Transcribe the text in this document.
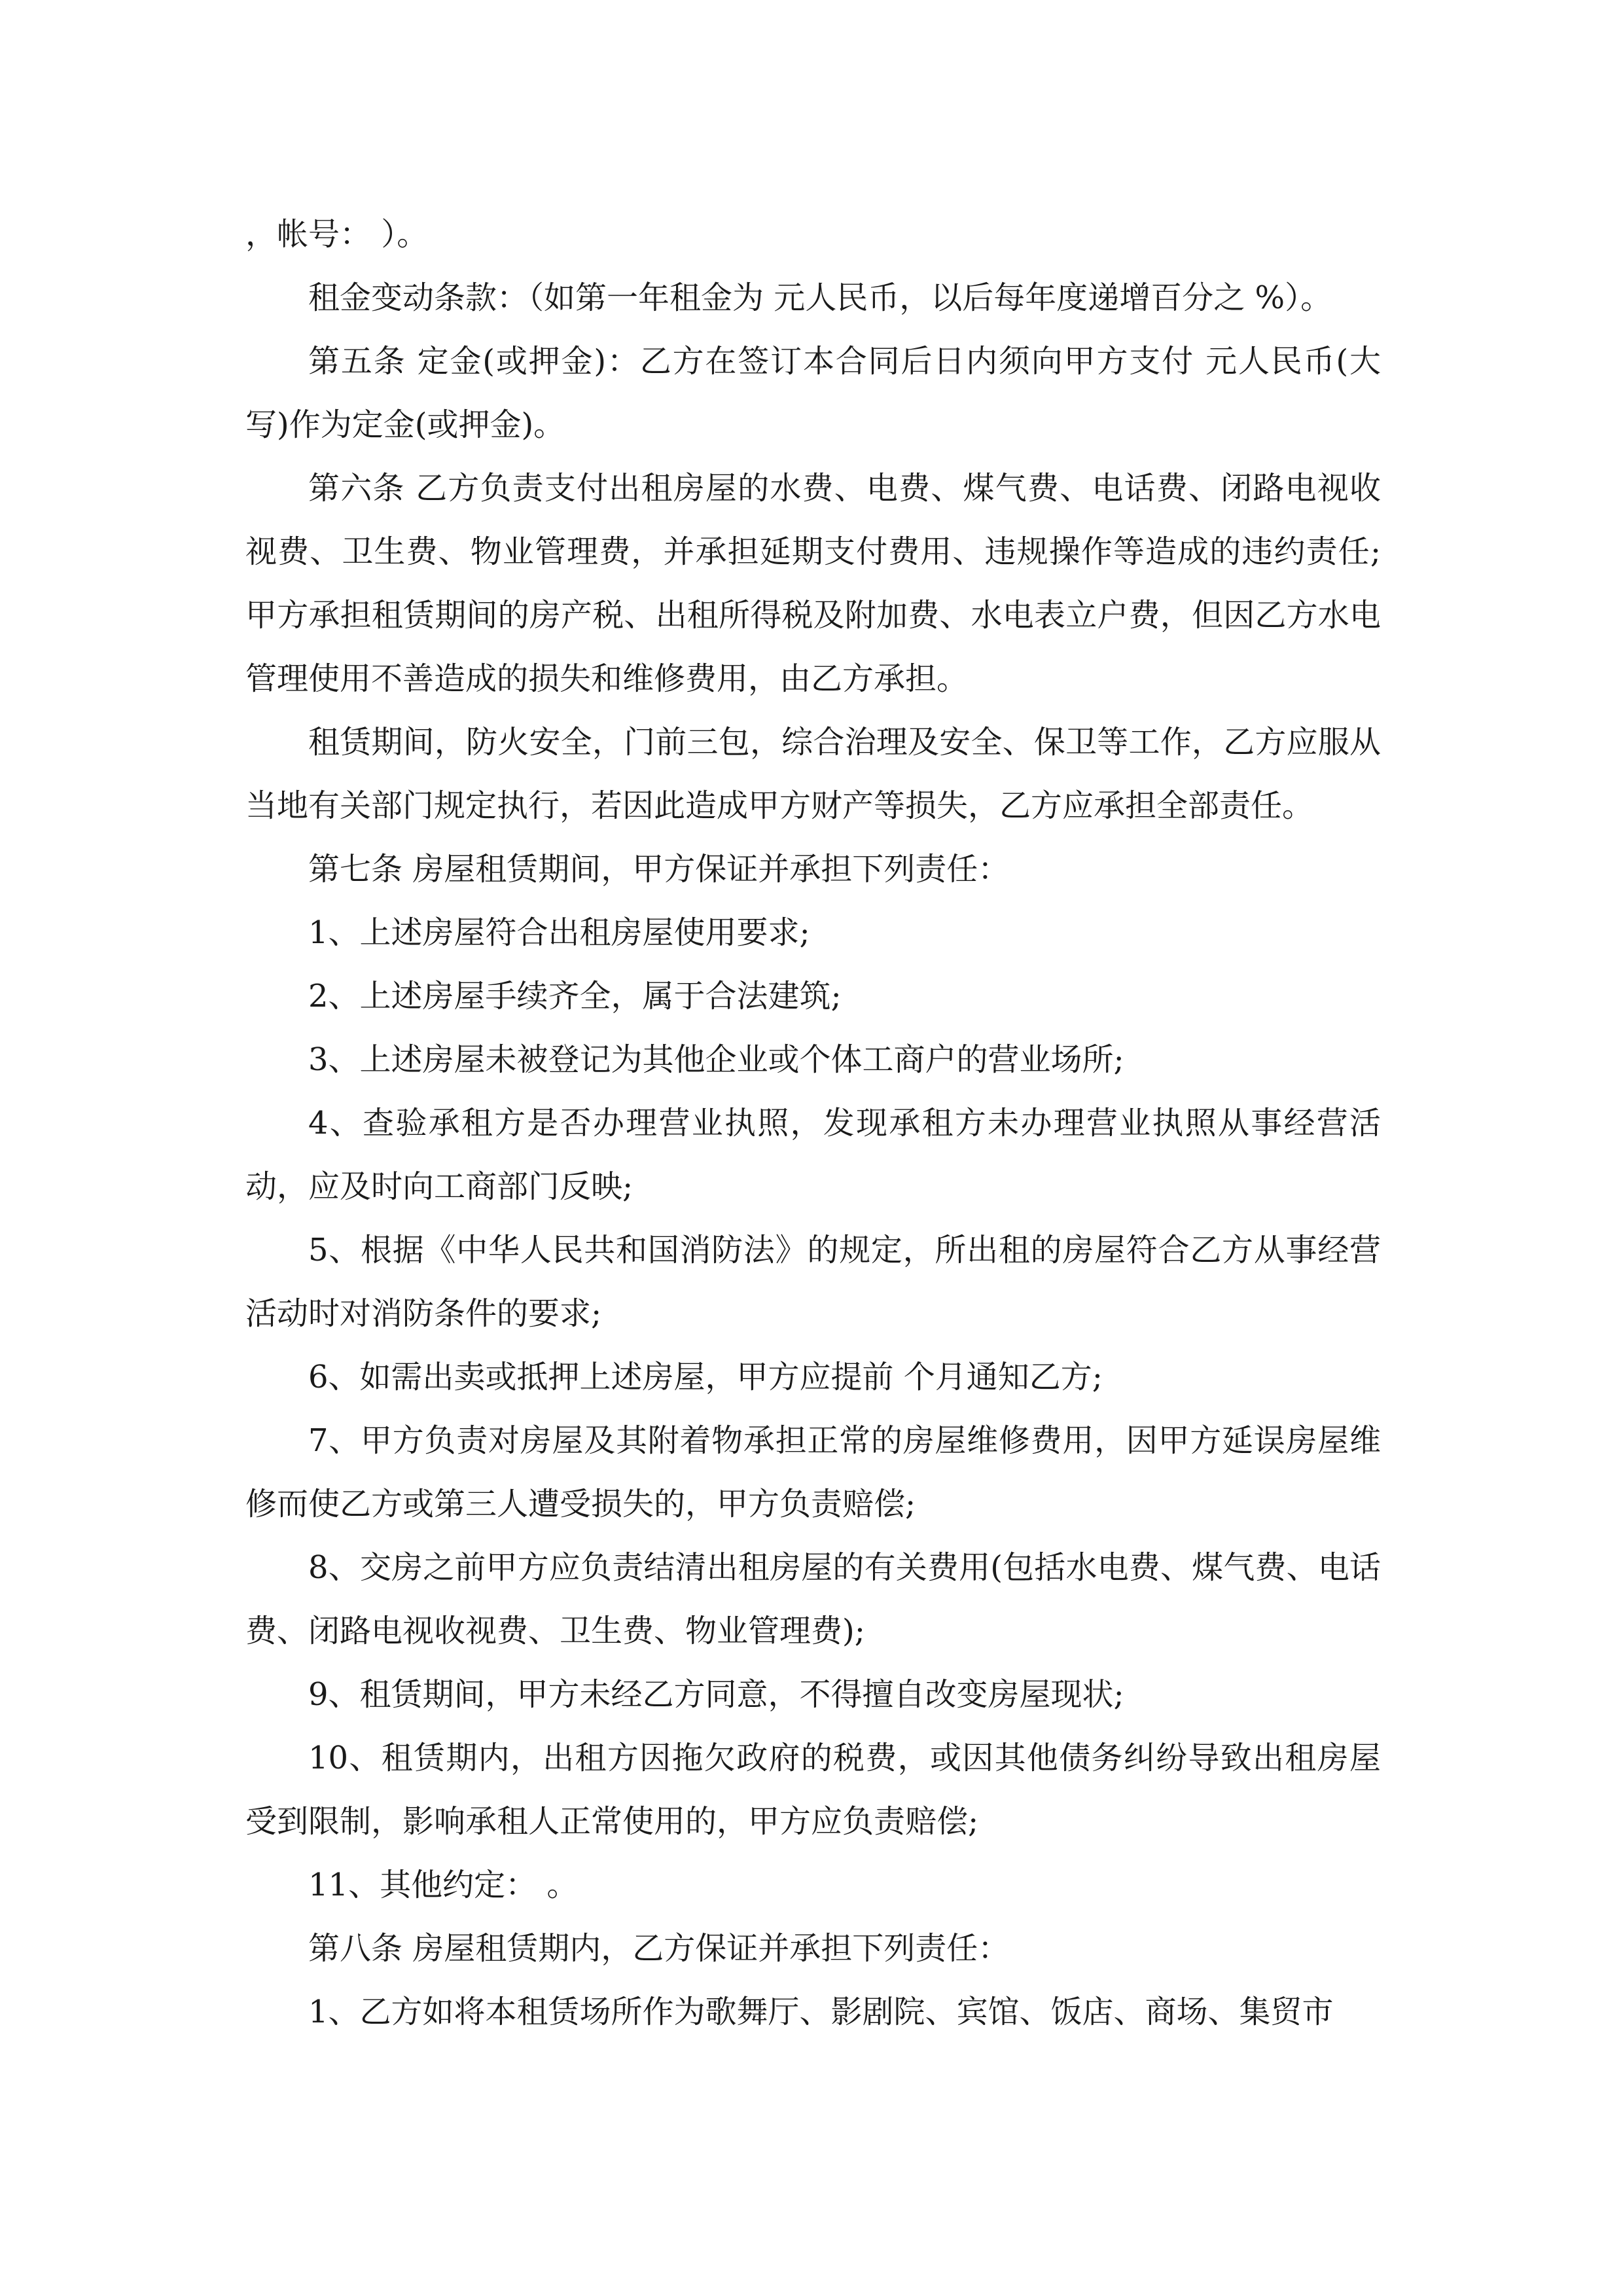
，帐号： ）。

租金变动条款：（如第一年租金为 元人民币，以后每年度递增百分之 %）。

第五条 定金(或押金)：乙方在签订本合同后日内须向甲方支付 元人民币(大写)作为定金(或押金)。

第六条 乙方负责支付出租房屋的水费、电费、煤气费、电话费、闭路电视收视费、卫生费、物业管理费，并承担延期支付费用、违规操作等造成的违约责任;甲方承担租赁期间的房产税、出租所得税及附加费、水电表立户费，但因乙方水电管理使用不善造成的损失和维修费用，由乙方承担。

租赁期间，防火安全，门前三包，综合治理及安全、保卫等工作，乙方应服从当地有关部门规定执行，若因此造成甲方财产等损失，乙方应承担全部责任。

第七条 房屋租赁期间，甲方保证并承担下列责任：

1、上述房屋符合出租房屋使用要求;

2、上述房屋手续齐全，属于合法建筑;

3、上述房屋未被登记为其他企业或个体工商户的营业场所;

4、查验承租方是否办理营业执照，发现承租方未办理营业执照从事经营活动，应及时向工商部门反映;

5、根据《中华人民共和国消防法》的规定，所出租的房屋符合乙方从事经营活动时对消防条件的要求;

6、如需出卖或抵押上述房屋，甲方应提前 个月通知乙方;

7、甲方负责对房屋及其附着物承担正常的房屋维修费用，因甲方延误房屋维修而使乙方或第三人遭受损失的，甲方负责赔偿;

8、交房之前甲方应负责结清出租房屋的有关费用(包括水电费、煤气费、电话费、闭路电视收视费、卫生费、物业管理费);

9、租赁期间，甲方未经乙方同意，不得擅自改变房屋现状;

10、租赁期内，出租方因拖欠政府的税费，或因其他债务纠纷导致出租房屋受到限制，影响承租人正常使用的，甲方应负责赔偿;

11、其他约定： 。

第八条 房屋租赁期内，乙方保证并承担下列责任：

1、乙方如将本租赁场所作为歌舞厅、影剧院、宾馆、饭店、商场、集贸市
